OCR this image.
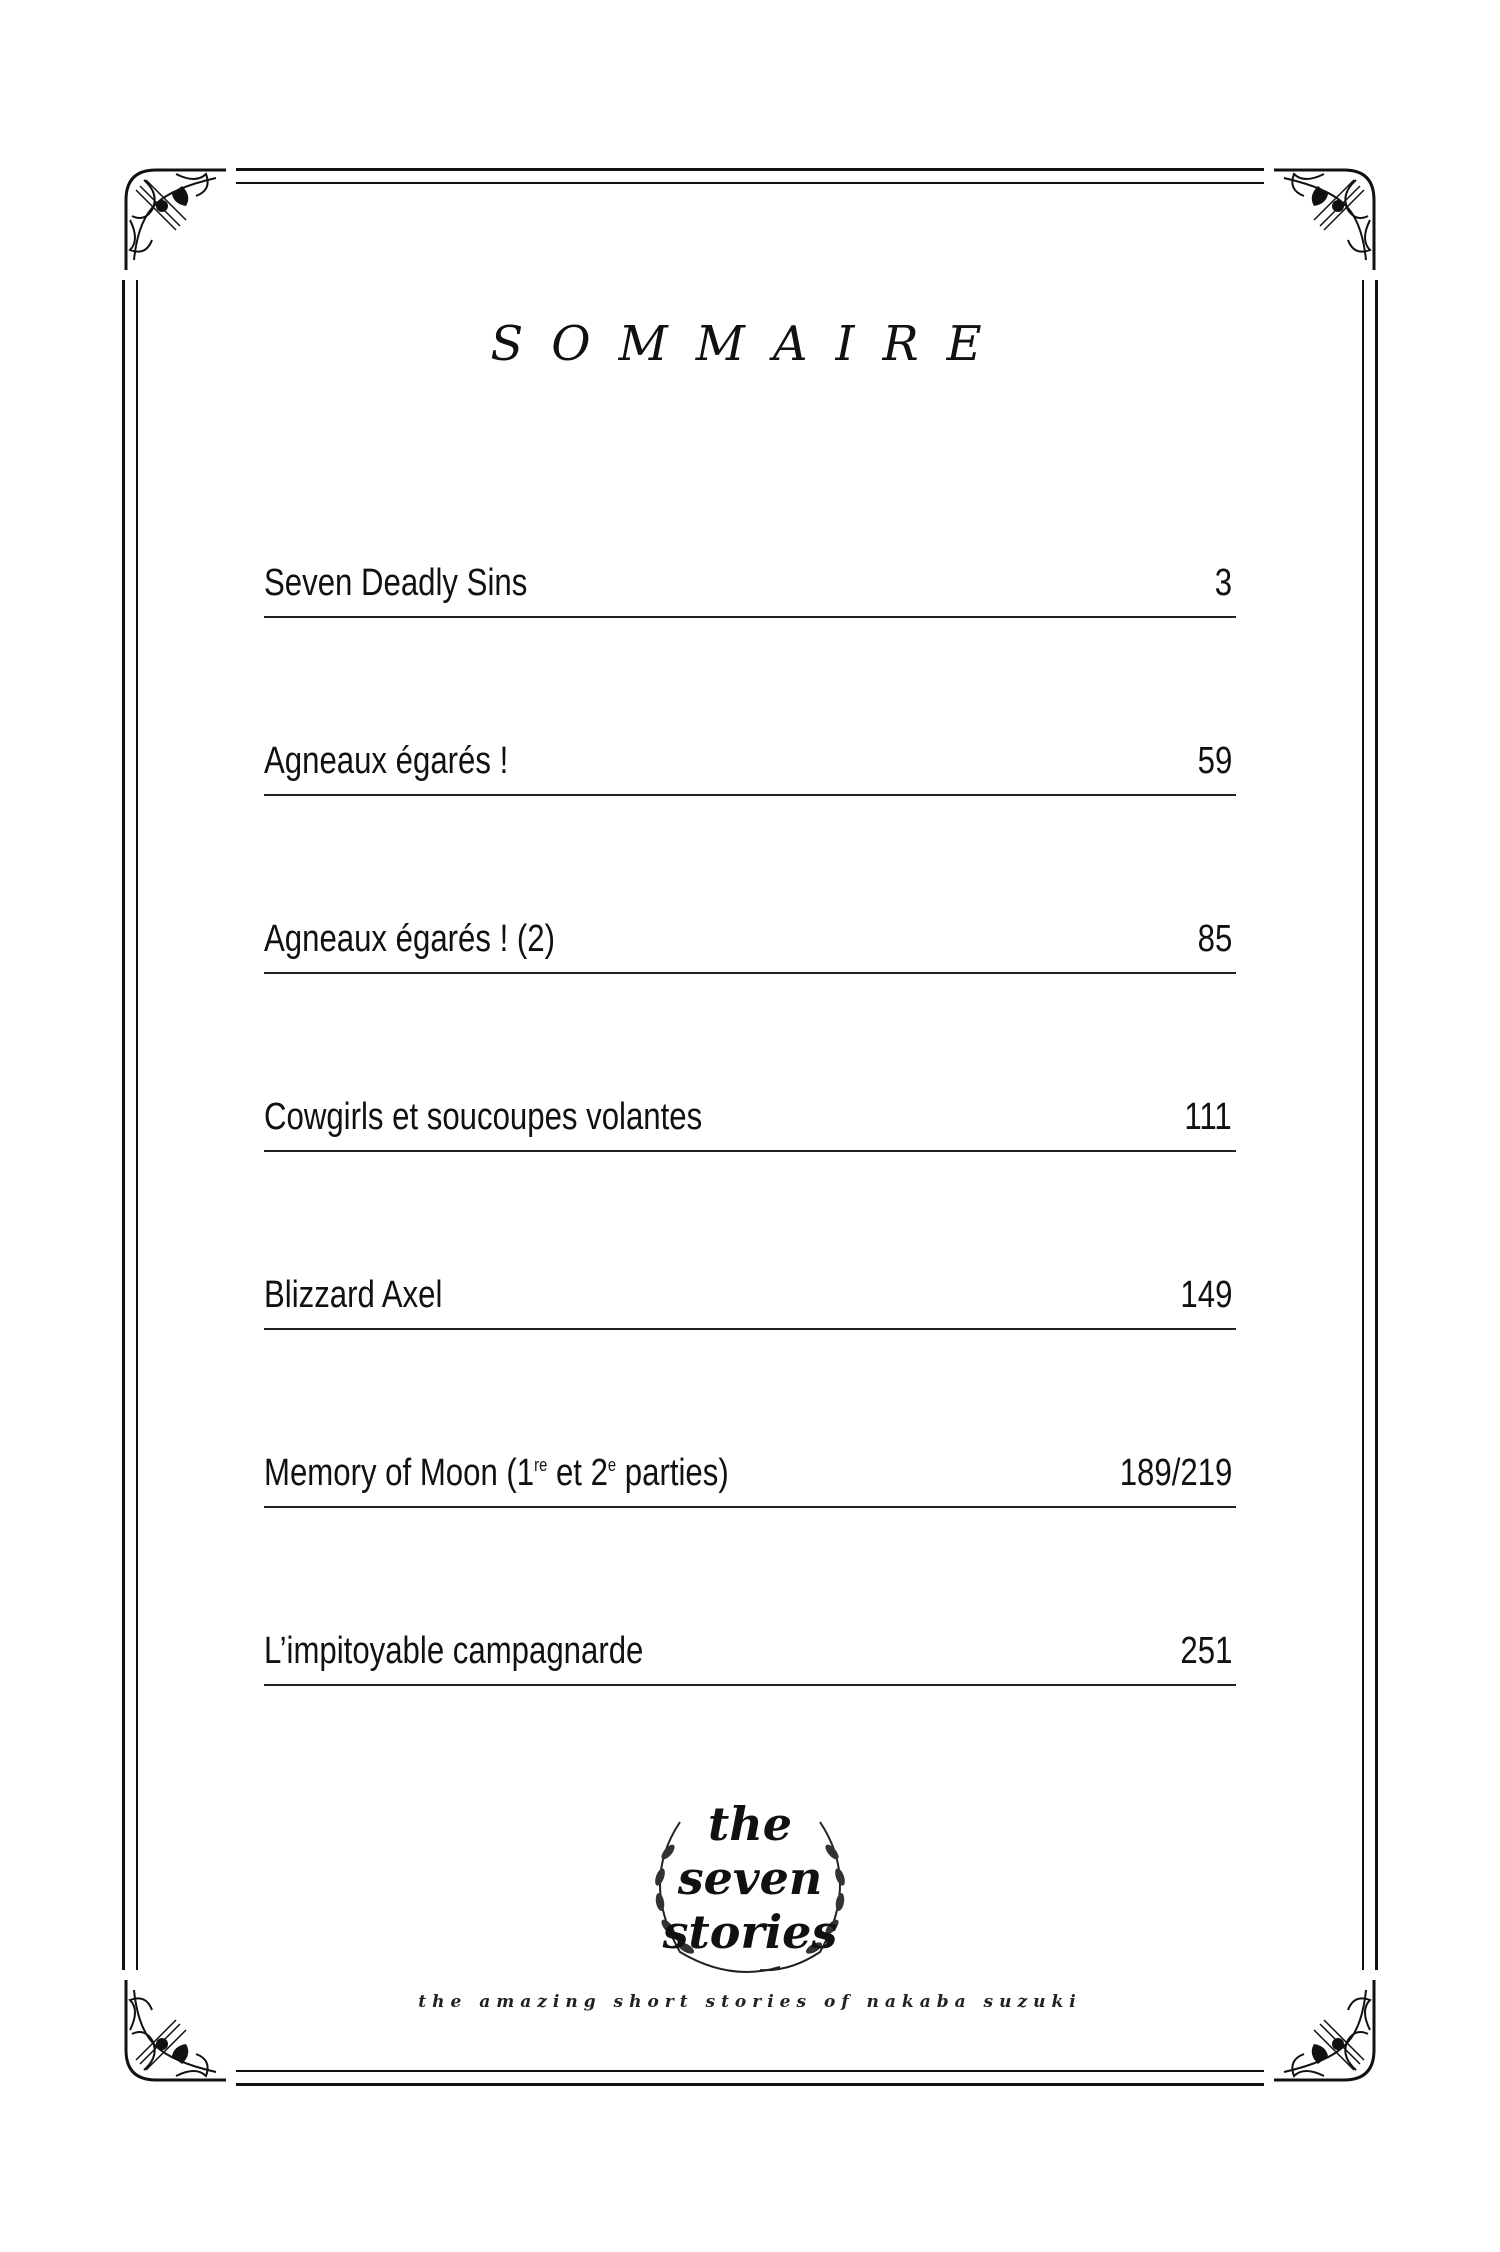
SOMMAIRE
Seven Deadly Sins	3
Agneaux égarés !	59
Agneaux égarés ! (2)	85
Cowgirls et soucoupes volantes	111
Blizzard Axel	149
Memory of Moon (1re et 2e parties)	189/219
L’impitoyable campagnarde	251
the
seven
stories
the amazing short stories of nakaba suzuki
